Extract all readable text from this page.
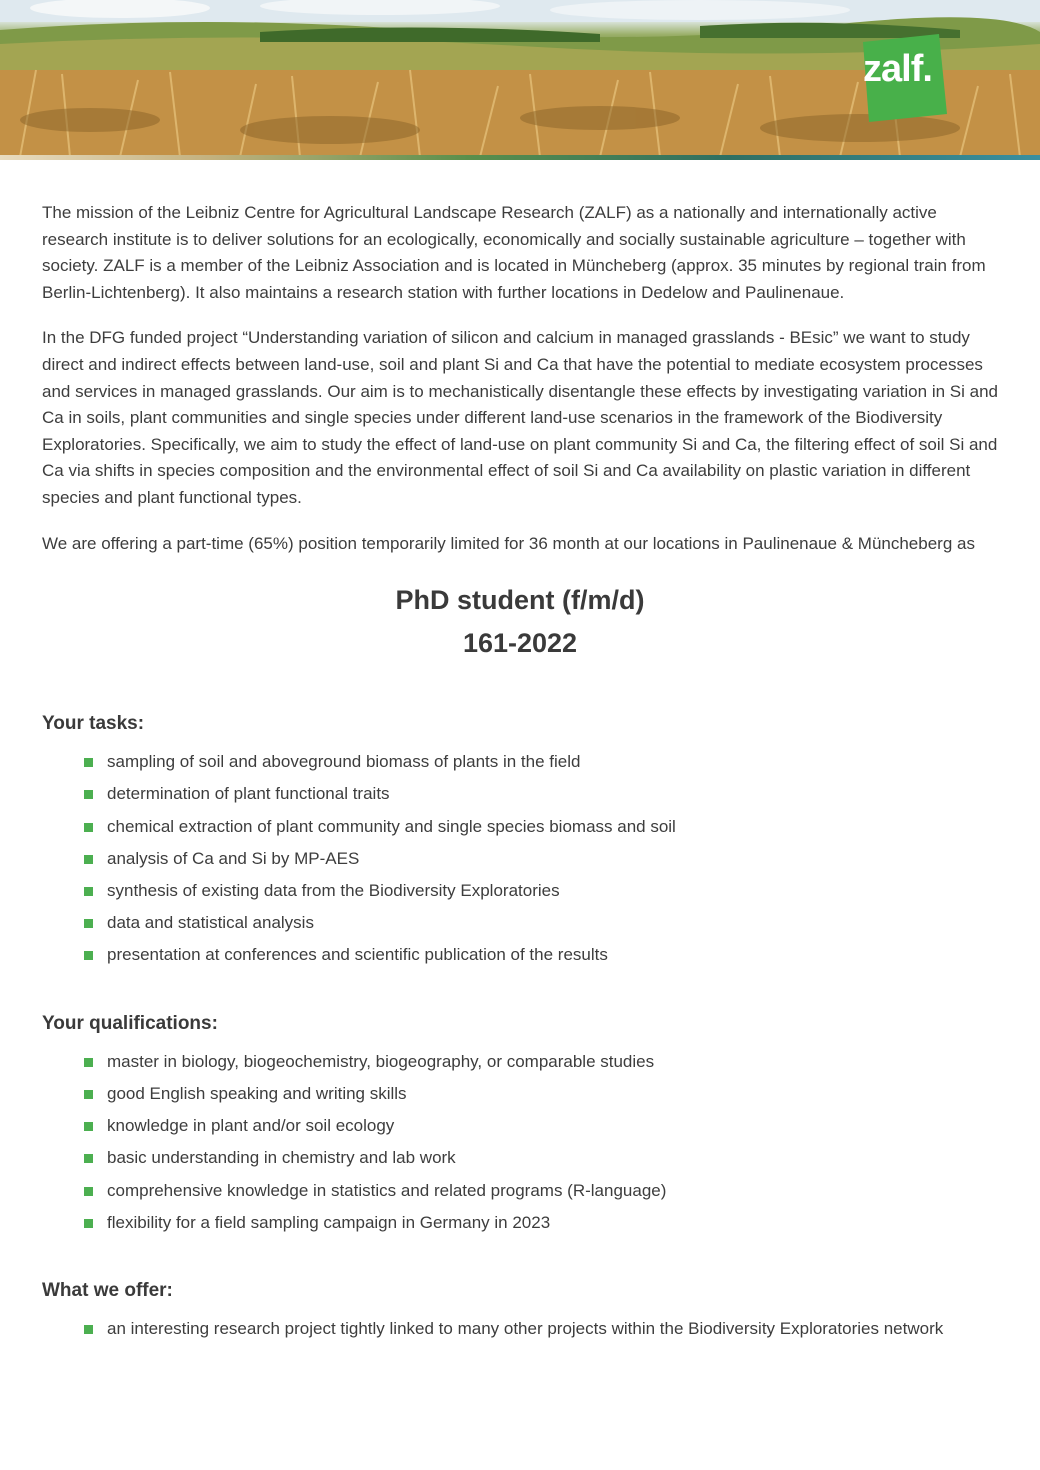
zalf.

The mission of the Leibniz Centre for Agricultural Landscape Research (ZALF) as a nationally and internationally active research institute is to deliver solutions for an ecologically, economically and socially sustainable agriculture – together with society. ZALF is a member of the Leibniz Association and is located in Müncheberg (approx. 35 minutes by regional train from Berlin-Lichtenberg). It also maintains a research station with further locations in Dedelow and Paulinenaue.

In the DFG funded project “Understanding variation of silicon and calcium in managed grasslands - BEsic” we want to study direct and indirect effects between land-use, soil and plant Si and Ca that have the potential to mediate ecosystem processes and services in managed grasslands. Our aim is to mechanistically disentangle these effects by investigating variation in Si and Ca in soils, plant communities and single species under different land-use scenarios in the framework of the Biodiversity Exploratories. Specifically, we aim to study the effect of land-use on plant community Si and Ca, the filtering effect of soil Si and Ca via shifts in species composition and the environmental effect of soil Si and Ca availability on plastic variation in different species and plant functional types.

We are offering a part-time (65%) position temporarily limited for 36 month at our locations in Paulinenaue & Müncheberg as

PhD student (f/m/d)
161-2022
Your tasks:
sampling of soil and aboveground biomass of plants in the field
determination of plant functional traits
chemical extraction of plant community and single species biomass and soil
analysis of Ca and Si by MP-AES
synthesis of existing data from the Biodiversity Exploratories
data and statistical analysis
presentation at conferences and scientific publication of the results
Your qualifications:
master in biology, biogeochemistry, biogeography, or comparable studies
good English speaking and writing skills
knowledge in plant and/or soil ecology
basic understanding in chemistry and lab work
comprehensive knowledge in statistics and related programs (R-language)
flexibility for a field sampling campaign in Germany in 2023
What we offer:
an interesting research project tightly linked to many other projects within the Biodiversity Exploratories network
